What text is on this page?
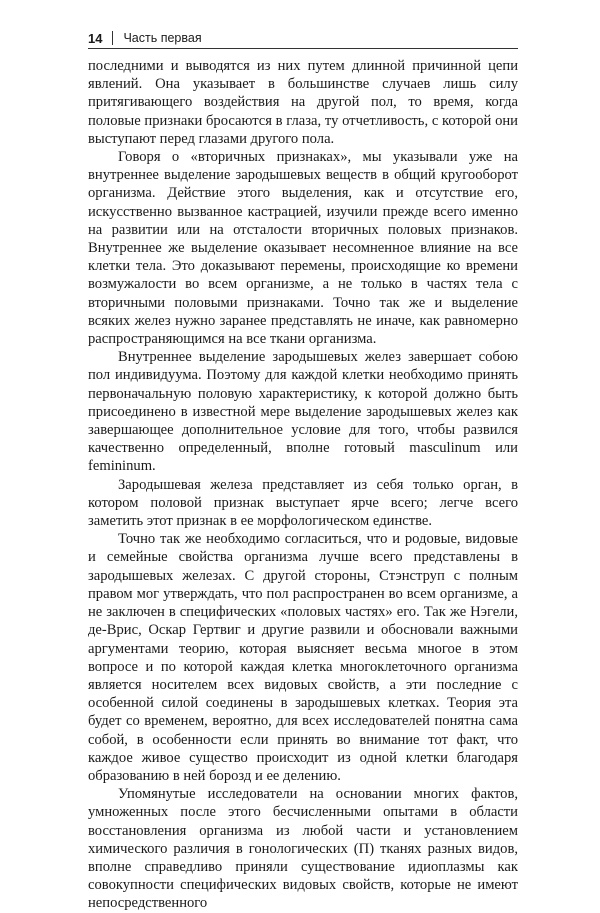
14 Часть первая

последними и выводятся из них путем длинной причинной цепи явлений. Она указывает в большинстве случаев лишь силу притягивающего воздействия на другой пол, то время, когда половые признаки бросаются в глаза, ту отчетливость, с которой они выступают перед глазами другого пола.

Говоря о «вторичных признаках», мы указывали уже на внутреннее выделение зародышевых веществ в общий кругооборот организма. Действие этого выделения, как и отсутствие его, искусственно вызванное кастрацией, изучили прежде всего именно на развитии или на отсталости вторичных половых признаков. Внутреннее же выделение оказывает несомненное влияние на все клетки тела. Это доказывают перемены, происходящие ко времени возмужалости во всем организме, а не только в частях тела с вторичными половыми признаками. Точно так же и выделение всяких желез нужно заранее представлять не иначе, как равномерно распространяющимся на все ткани организма.

Внутреннее выделение зародышевых желез завершает собою пол индивидуума. Поэтому для каждой клетки необходимо принять первоначальную половую характеристику, к которой должно быть присоединено в известной мере выделение зародышевых желез как завершающее дополнительное условие для того, чтобы развился качественно определенный, вполне готовый masculinum или femininum.

Зародышевая железа представляет из себя только орган, в котором половой признак выступает ярче всего; легче всего заметить этот признак в ее морфологическом единстве.

Точно так же необходимо согласиться, что и родовые, видовые и семейные свойства организма лучше всего представлены в зародышевых железах. С другой стороны, Стэнструп с полным правом мог утверждать, что пол распространен во всем организме, а не заключен в специфических «половых частях» его. Так же Нэгели, де-Врис, Оскар Гертвиг и другие развили и обосновали важными аргументами теорию, которая выясняет весьма многое в этом вопросе и по которой каждая клетка многоклеточного организма является носителем всех видовых свойств, а эти последние с особенной силой соединены в зародышевых клетках. Теория эта будет со временем, вероятно, для всех исследователей понятна сама собой, в особенности если принять во внимание тот факт, что каждое живое существо происходит из одной клетки благодаря образованию в ней борозд и ее делению.

Упомянутые исследователи на основании многих фактов, умноженных после этого бесчисленными опытами в области восстановления организма из любой части и установлением химического различия в гонологических (П) тканях разных видов, вполне справедливо приняли существование идиоплазмы как совокупности специфических видовых свойств, которые не имеют непосредственного
